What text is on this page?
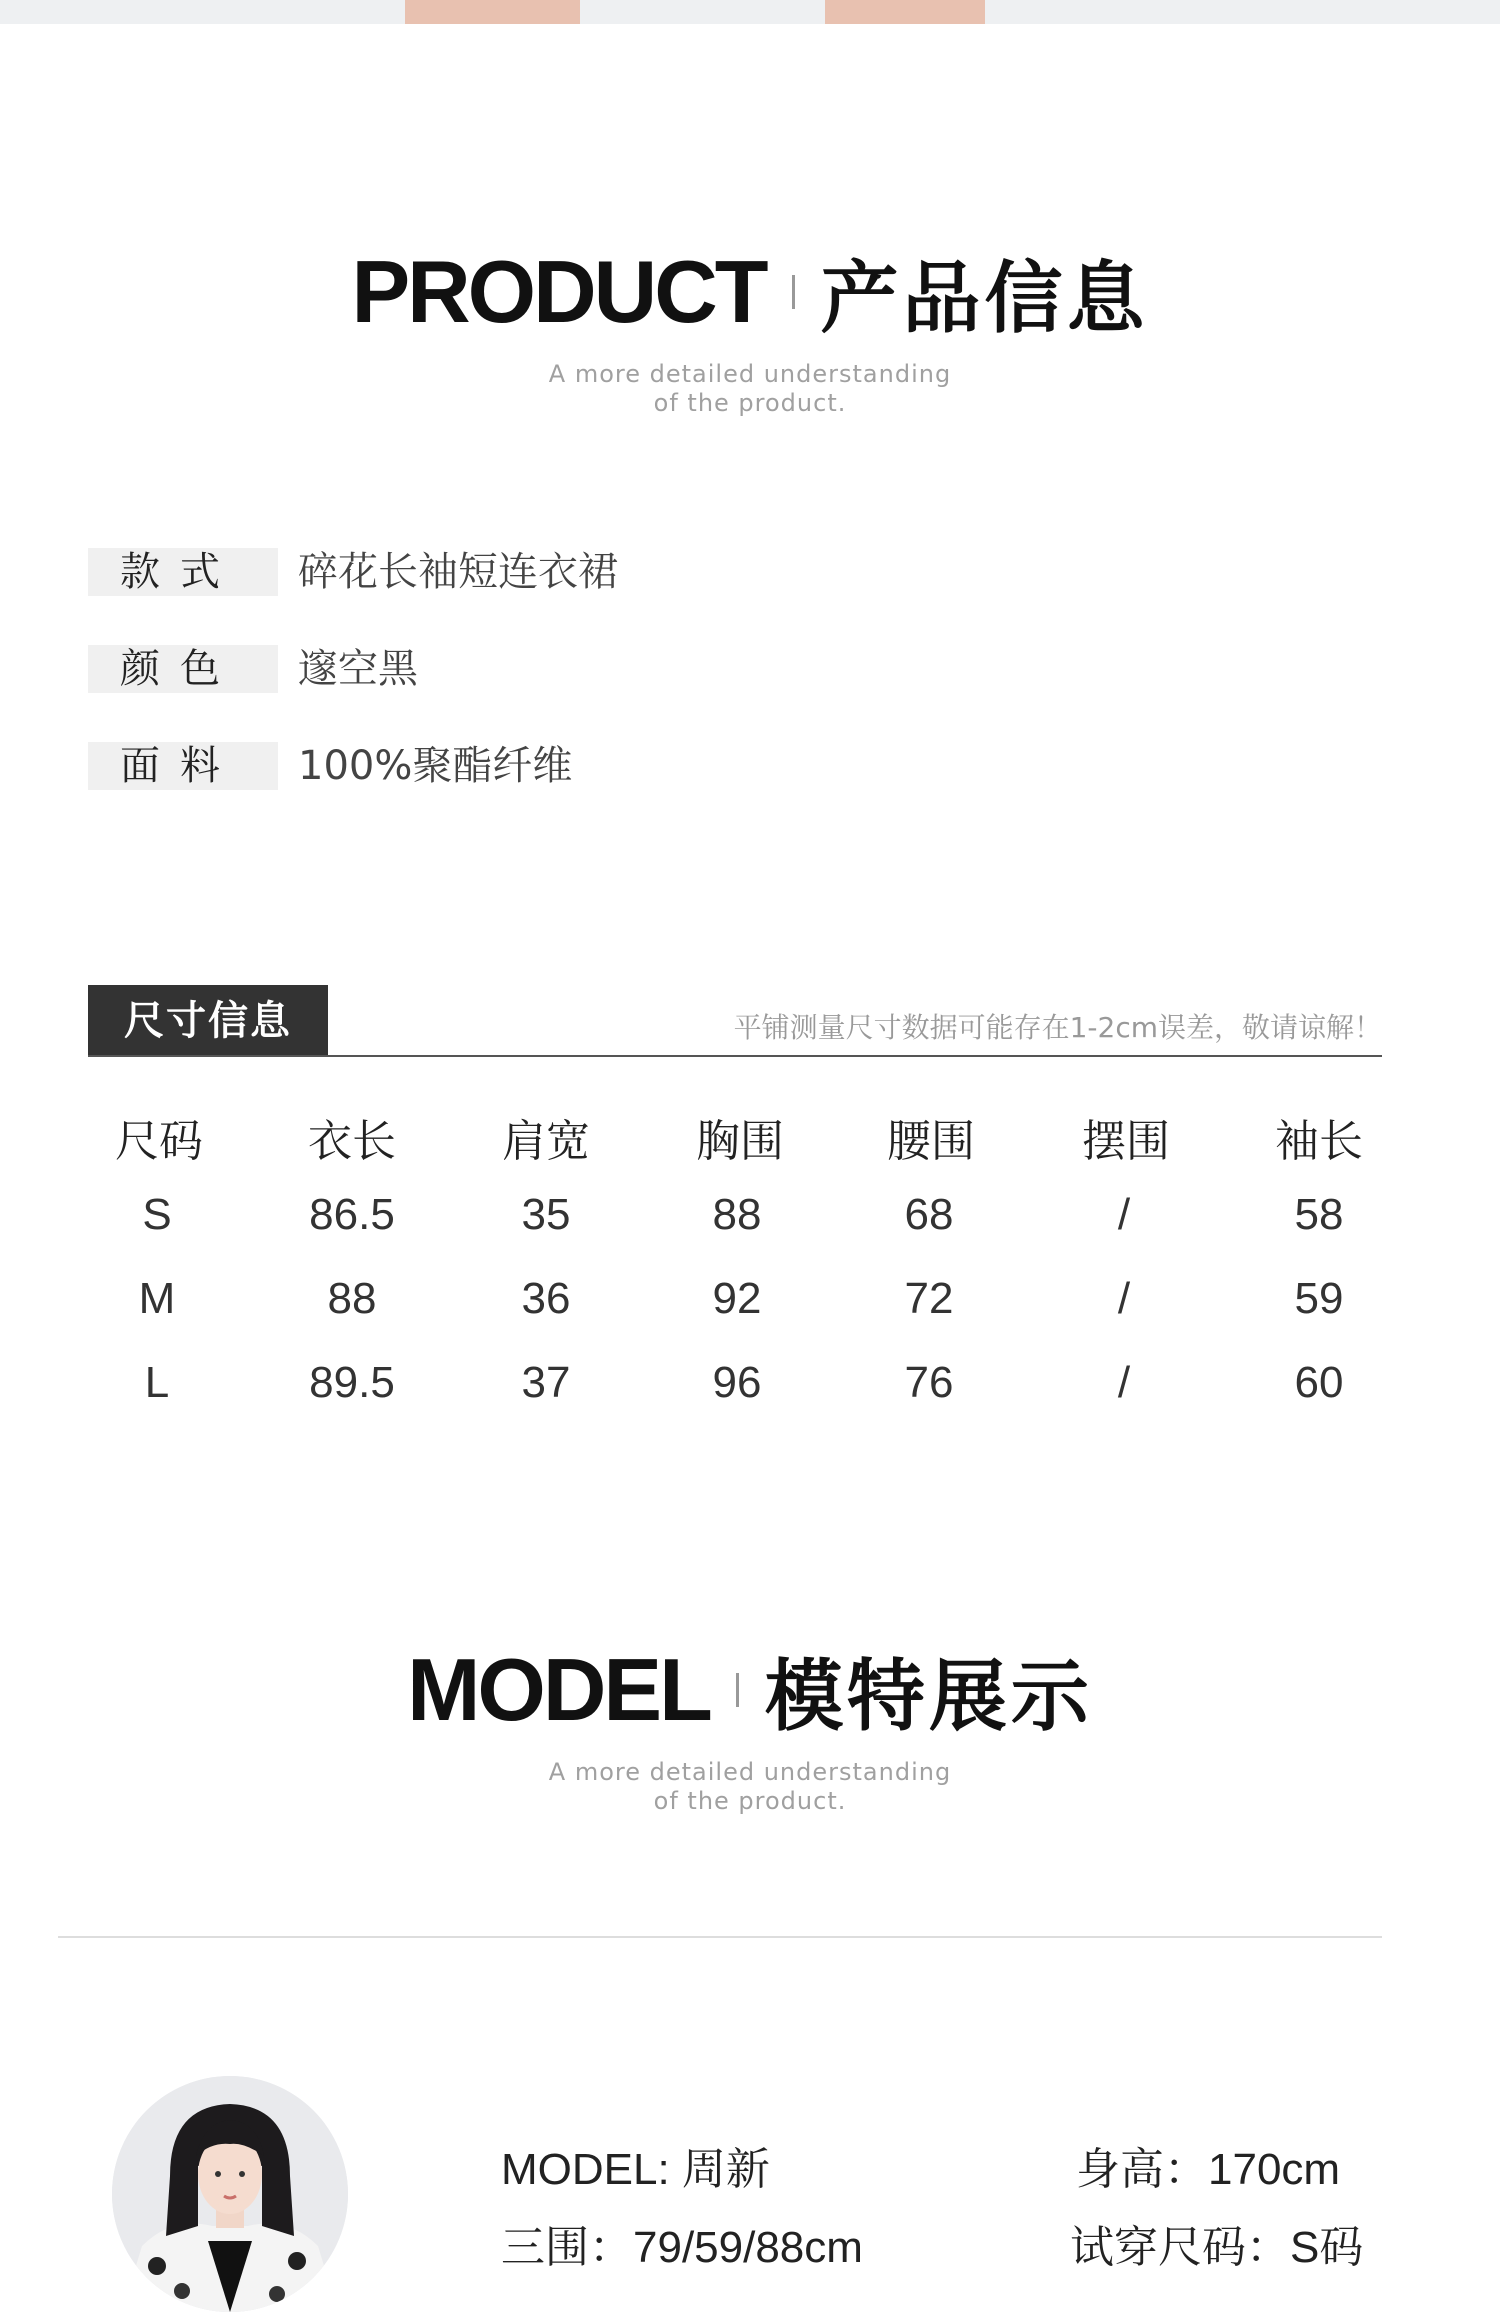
PRODUCT 产品信息
A more detailed understanding
of the product.
款式	碎花长袖短连衣裙
颜色	邃空黑
面料	100%聚酯纤维
尺寸信息	平铺测量尺寸数据可能存在1-2cm误差，敬请谅解！
尺码	衣长	肩宽	胸围	腰围	摆围	袖长
S	86.5	35	88	68	/	58
M	88	36	92	72	/	59
L	89.5	37	96	76	/	60
MODEL 模特展示
A more detailed understanding
of the product.
MODEL: 周新	身高：170cm
三围：79/59/88cm	试穿尺码：S码
